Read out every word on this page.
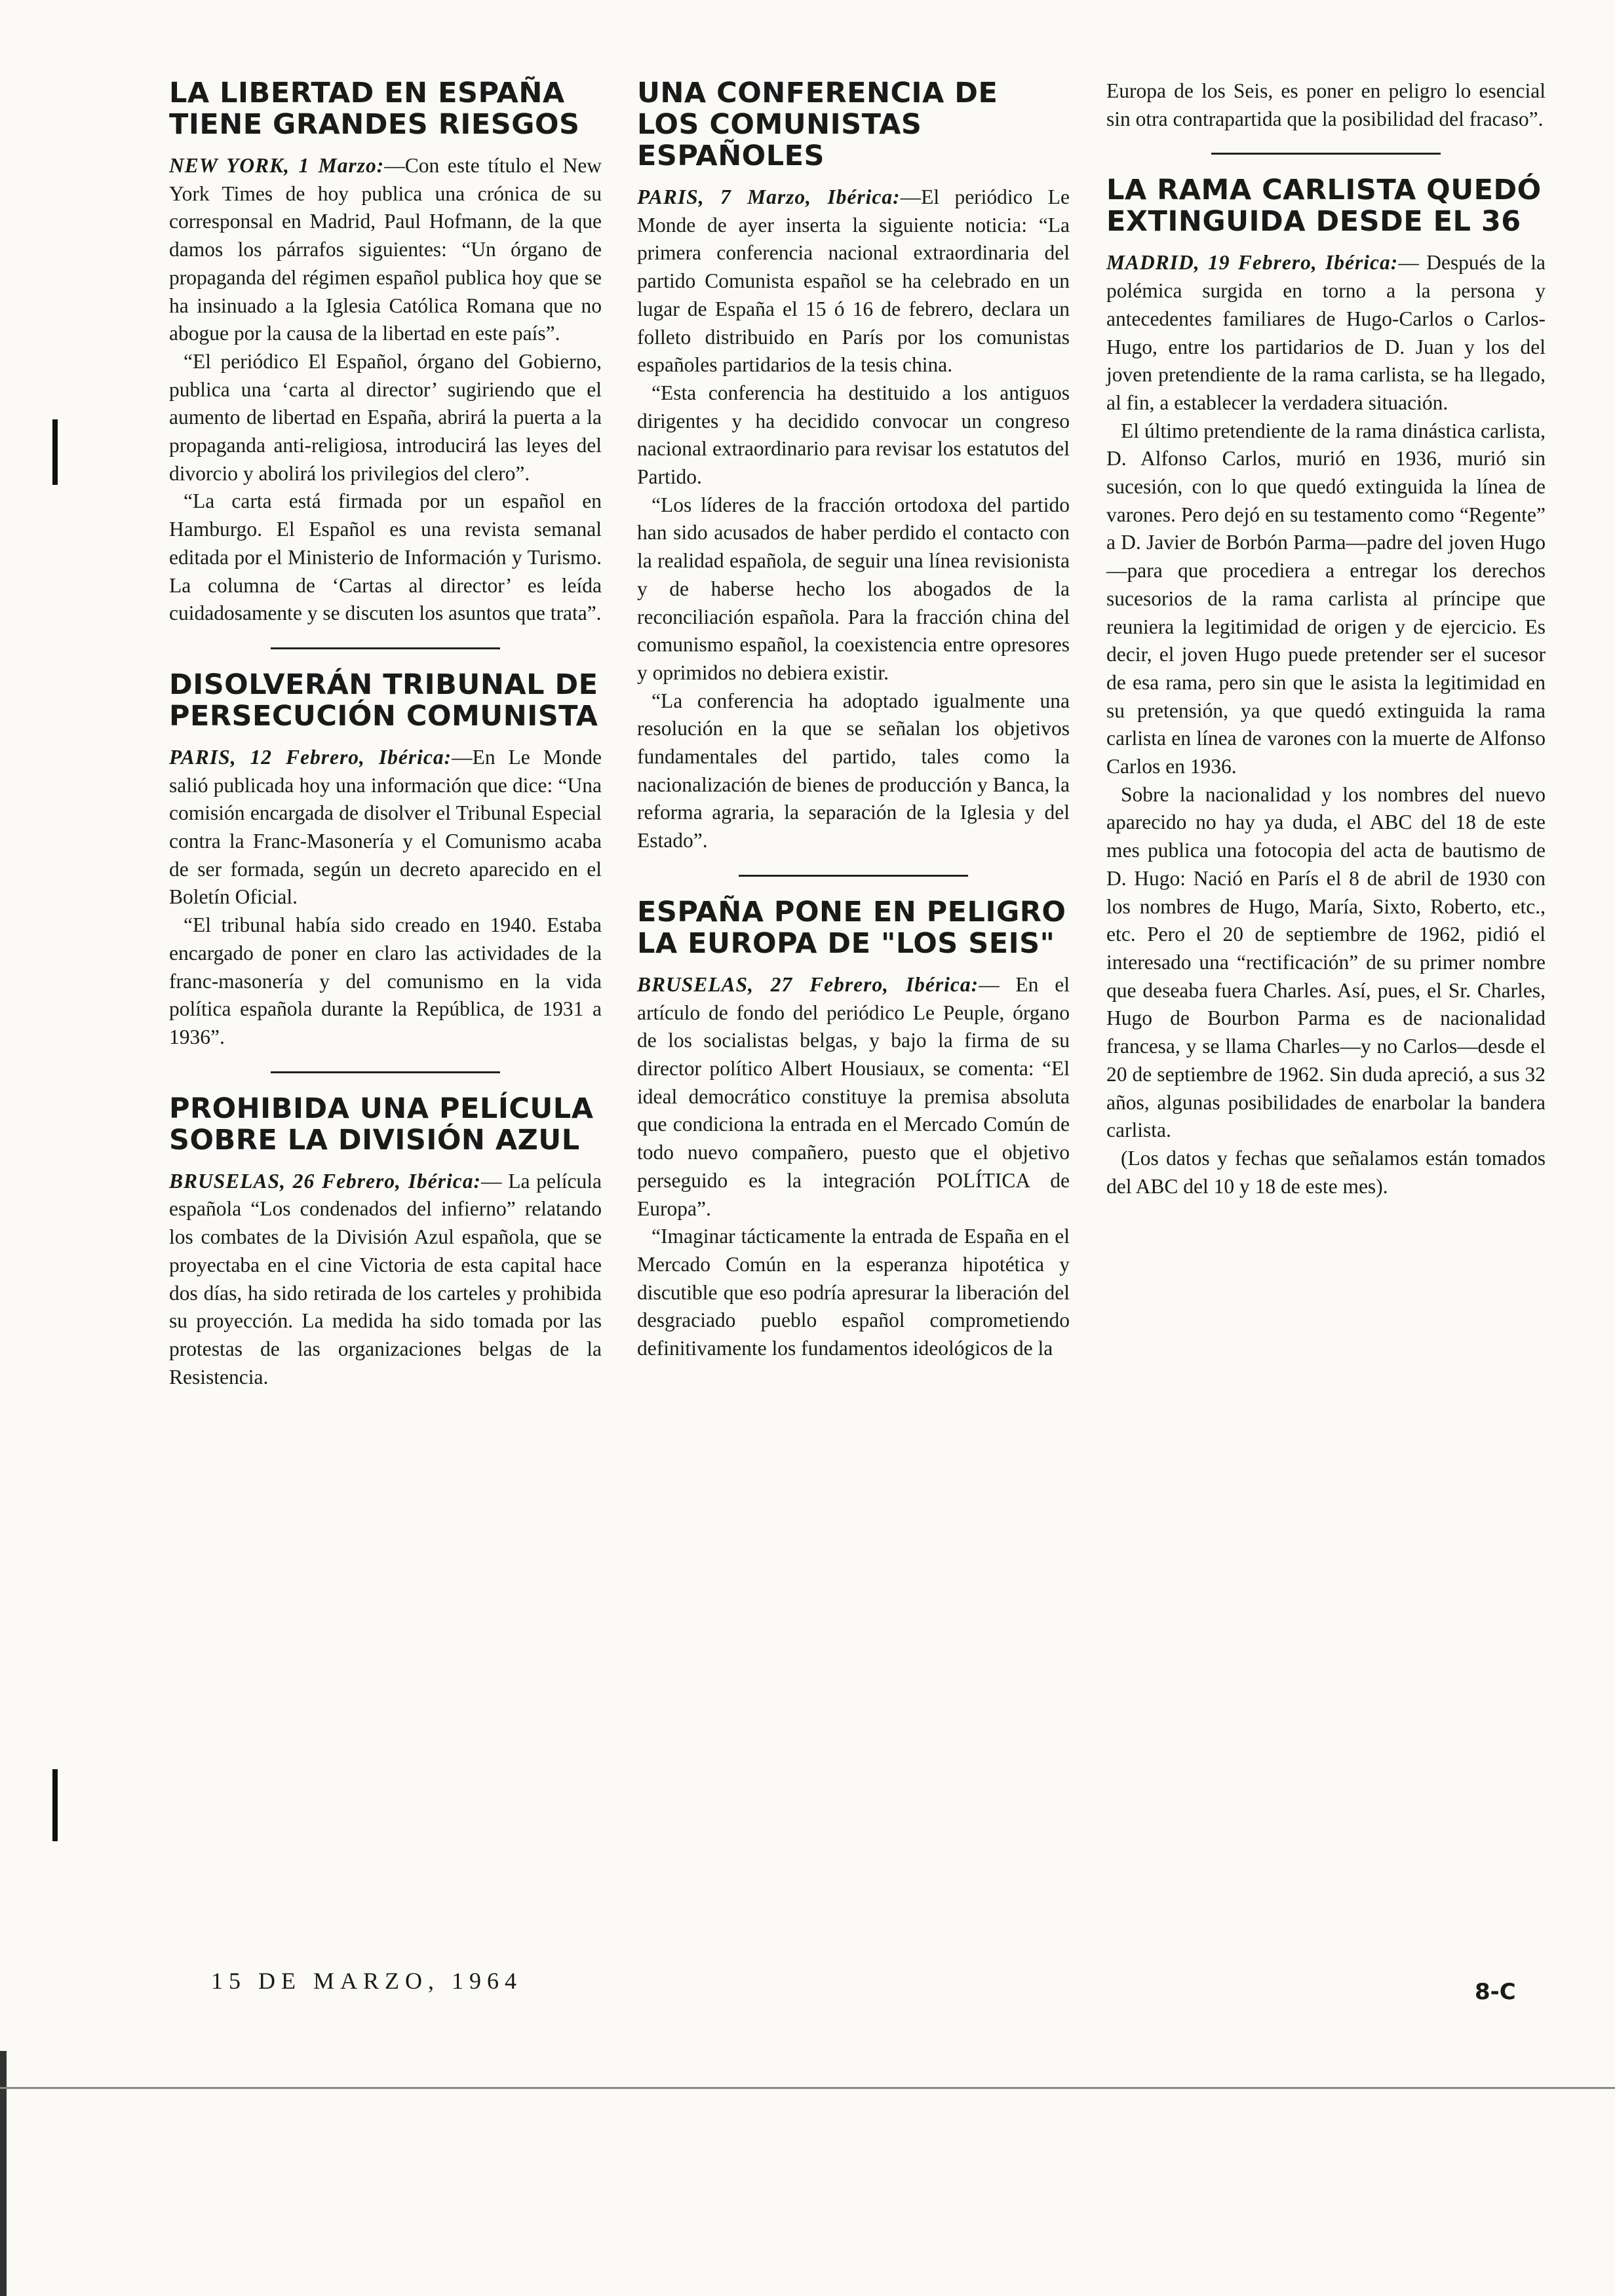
LA LIBERTAD EN ESPAÑA TIENE GRANDES RIESGOS

NEW YORK, 1 Marzo:—Con este título el New York Times de hoy publica una crónica de su corresponsal en Madrid, Paul Hofmann, de la que damos los párrafos siguientes: “Un órgano de propaganda del régimen español publica hoy que se ha insinuado a la Iglesia Católica Romana que no abogue por la causa de la libertad en este país”.

“El periódico El Español, órgano del Gobierno, publica una ‘carta al director’ sugiriendo que el aumento de libertad en España, abrirá la puerta a la propaganda anti-religiosa, introducirá las leyes del divorcio y abolirá los privilegios del clero”.

“La carta está firmada por un español en Hamburgo. El Español es una revista semanal editada por el Ministerio de Información y Turismo. La columna de ‘Cartas al director’ es leída cuidadosamente y se discuten los asuntos que trata”.

DISOLVERÁN TRIBUNAL DE PERSECUCIÓN COMUNISTA

PARIS, 12 Febrero, Ibérica:—En Le Monde salió publicada hoy una información que dice: “Una comisión encargada de disolver el Tribunal Especial contra la Franc-Masonería y el Comunismo acaba de ser formada, según un decreto aparecido en el Boletín Oficial.

“El tribunal había sido creado en 1940. Estaba encargado de poner en claro las actividades de la franc-masonería y del comunismo en la vida política española durante la República, de 1931 a 1936”.

PROHIBIDA UNA PELÍCULA SOBRE LA DIVISIÓN AZUL

BRUSELAS, 26 Febrero, Ibérica:— La película española “Los condenados del infierno” relatando los combates de la División Azul española, que se proyectaba en el cine Victoria de esta capital hace dos días, ha sido retirada de los carteles y prohibida su proyección. La medida ha sido tomada por las protestas de las organizaciones belgas de la Resistencia.

UNA CONFERENCIA DE LOS COMUNISTAS ESPAÑOLES

PARIS, 7 Marzo, Ibérica:—El periódico Le Monde de ayer inserta la siguiente noticia: “La primera conferencia nacional extraordinaria del partido Comunista español se ha celebrado en un lugar de España el 15 ó 16 de febrero, declara un folleto distribuido en París por los comunistas españoles partidarios de la tesis china.

“Esta conferencia ha destituido a los antiguos dirigentes y ha decidido convocar un congreso nacional extraordinario para revisar los estatutos del Partido.

“Los líderes de la fracción ortodoxa del partido han sido acusados de haber perdido el contacto con la realidad española, de seguir una línea revisionista y de haberse hecho los abogados de la reconciliación española. Para la fracción china del comunismo español, la coexistencia entre opresores y oprimidos no debiera existir.

“La conferencia ha adoptado igualmente una resolución en la que se señalan los objetivos fundamentales del partido, tales como la nacionalización de bienes de producción y Banca, la reforma agraria, la separación de la Iglesia y del Estado”.

ESPAÑA PONE EN PELIGRO LA EUROPA DE "LOS SEIS"

BRUSELAS, 27 Febrero, Ibérica:— En el artículo de fondo del periódico Le Peuple, órgano de los socialistas belgas, y bajo la firma de su director político Albert Housiaux, se comenta: “El ideal democrático constituye la premisa absoluta que condiciona la entrada en el Mercado Común de todo nuevo compañero, puesto que el objetivo perseguido es la integración POLÍTICA de Europa”.

“Imaginar tácticamente la entrada de España en el Mercado Común en la esperanza hipotética y discutible que eso podría apresurar la liberación del desgraciado pueblo español comprometiendo definitivamente los fundamentos ideológicos de la

Europa de los Seis, es poner en peligro lo esencial sin otra contrapartida que la posibilidad del fracaso”.

LA RAMA CARLISTA QUEDÓ EXTINGUIDA DESDE EL 36

MADRID, 19 Febrero, Ibérica:— Después de la polémica surgida en torno a la persona y antecedentes familiares de Hugo-Carlos o Carlos-Hugo, entre los partidarios de D. Juan y los del joven pretendiente de la rama carlista, se ha llegado, al fin, a establecer la verdadera situación.

El último pretendiente de la rama dinástica carlista, D. Alfonso Carlos, murió en 1936, murió sin sucesión, con lo que quedó extinguida la línea de varones. Pero dejó en su testamento como “Regente” a D. Javier de Borbón Parma—padre del joven Hugo—para que procediera a entregar los derechos sucesorios de la rama carlista al príncipe que reuniera la legitimidad de origen y de ejercicio. Es decir, el joven Hugo puede pretender ser el sucesor de esa rama, pero sin que le asista la legitimidad en su pretensión, ya que quedó extinguida la rama carlista en línea de varones con la muerte de Alfonso Carlos en 1936.

Sobre la nacionalidad y los nombres del nuevo aparecido no hay ya duda, el ABC del 18 de este mes publica una fotocopia del acta de bautismo de D. Hugo: Nació en París el 8 de abril de 1930 con los nombres de Hugo, María, Sixto, Roberto, etc., etc. Pero el 20 de septiembre de 1962, pidió el interesado una “rectificación” de su primer nombre que deseaba fuera Charles. Así, pues, el Sr. Charles, Hugo de Bourbon Parma es de nacionalidad francesa, y se llama Charles—y no Carlos—desde el 20 de septiembre de 1962. Sin duda apreció, a sus 32 años, algunas posibilidades de enarbolar la bandera carlista.

(Los datos y fechas que señalamos están tomados del ABC del 10 y 18 de este mes).

15 DE MARZO, 1964	8-C
